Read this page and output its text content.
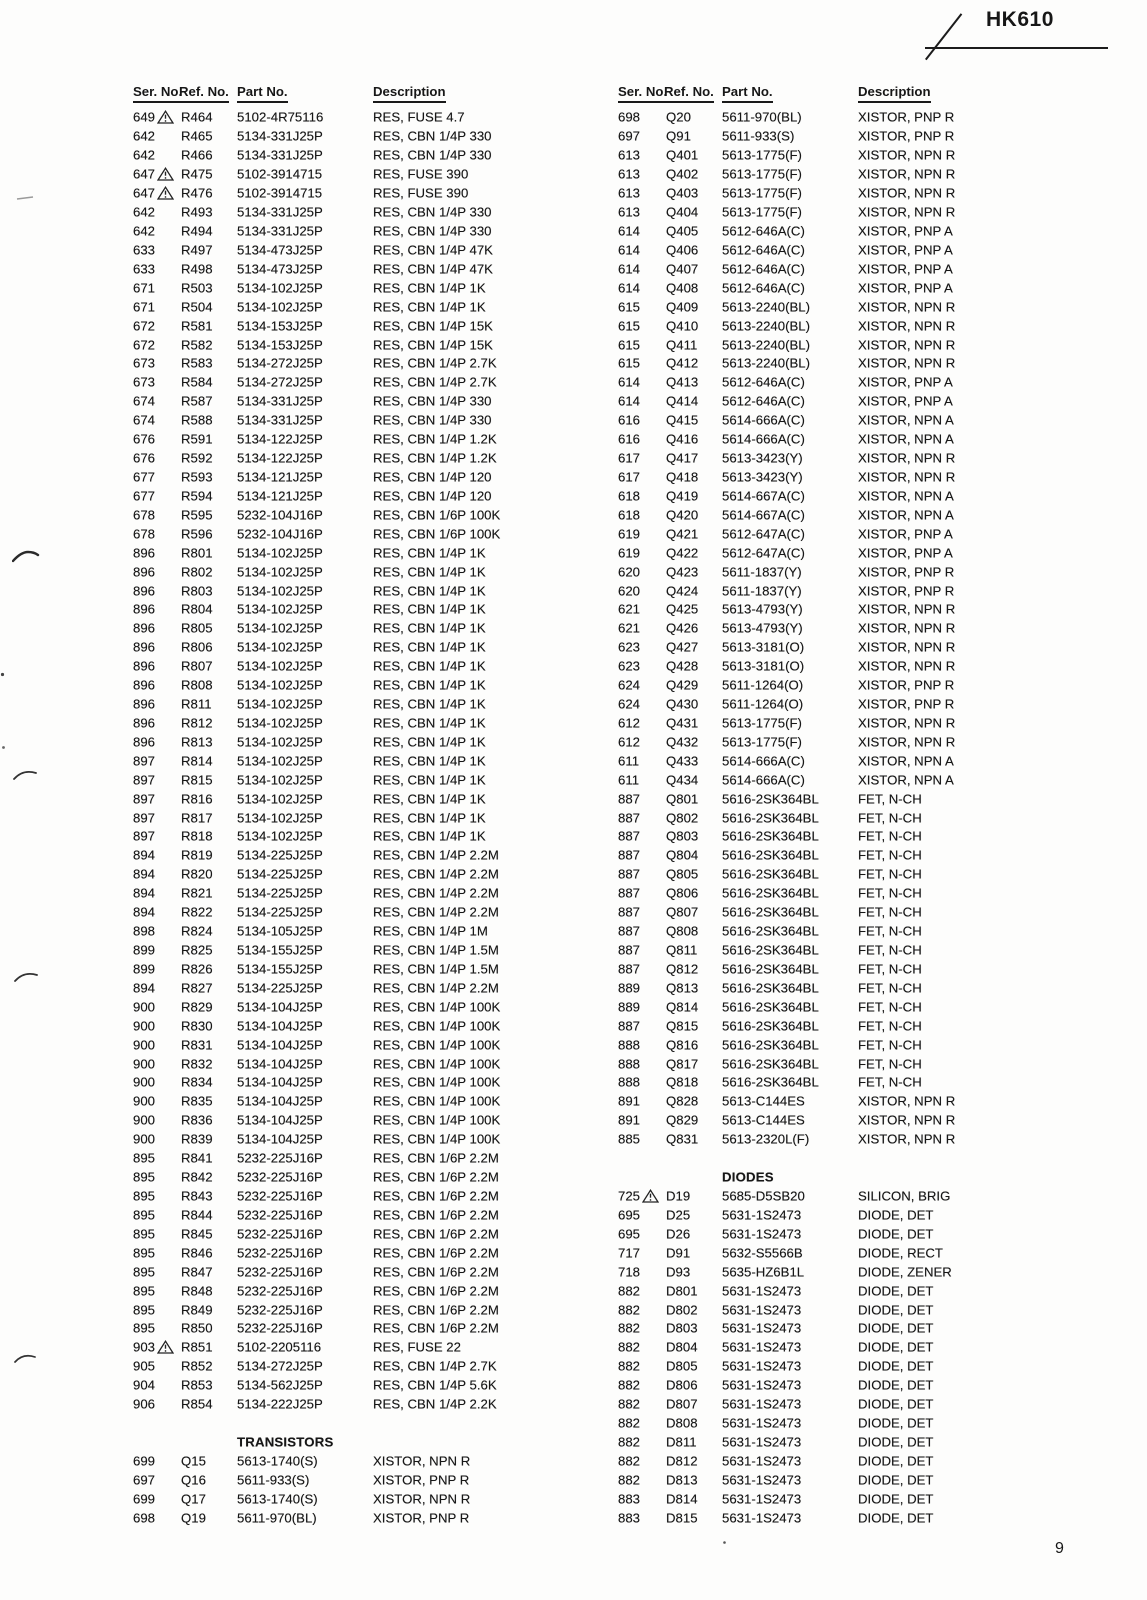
HK610
Ser. No.
Ref. No. Part No.	Description
649 R464 5102-4R75116	RES, FUSE 4.7
642 R465 5134-331J25P	RES, CBN 1/4P 330
642 R466 5134-331J25P	RES, CBN 1/4P 330
647 R475 5102-3914715	RES, FUSE 390
647 R476 5102-3914715	RES, FUSE 390
642 R493 5134-331J25P	RES, CBN 1/4P 330
642 R494 5134-331J25P	RES, CBN 1/4P 330
633 R497 5134-473J25P	RES, CBN 1/4P 47K
633 R498 5134-473J25P	RES, CBN 1/4P 47K
671 R503 5134-102J25P	RES, CBN 1/4P 1K
671 R504 5134-102J25P	RES, CBN 1/4P 1K
672 R581 5134-153J25P	RES, CBN 1/4P 15K
672 R582 5134-153J25P	RES, CBN 1/4P 15K
673 R583 5134-272J25P	RES, CBN 1/4P 2.7K
673 R584 5134-272J25P	RES, CBN 1/4P 2.7K
674 R587 5134-331J25P	RES, CBN 1/4P 330
674 R588 5134-331J25P	RES, CBN 1/4P 330
676 R591 5134-122J25P	RES, CBN 1/4P 1.2K
676 R592 5134-122J25P	RES, CBN 1/4P 1.2K
677 R593 5134-121J25P	RES, CBN 1/4P 120
677 R594 5134-121J25P	RES, CBN 1/4P 120
678 R595 5232-104J16P	RES, CBN 1/6P 100K
678 R596 5232-104J16P	RES, CBN 1/6P 100K
896 R801 5134-102J25P	RES, CBN 1/4P 1K
896 R802 5134-102J25P	RES, CBN 1/4P 1K
896 R803 5134-102J25P	RES, CBN 1/4P 1K
896 R804 5134-102J25P	RES, CBN 1/4P 1K
896 R805 5134-102J25P	RES, CBN 1/4P 1K
896 R806 5134-102J25P	RES, CBN 1/4P 1K
896 R807 5134-102J25P	RES, CBN 1/4P 1K
896 R808 5134-102J25P	RES, CBN 1/4P 1K
896 R811 5134-102J25P	RES, CBN 1/4P 1K
896 R812 5134-102J25P	RES, CBN 1/4P 1K
896 R813 5134-102J25P	RES, CBN 1/4P 1K
897 R814 5134-102J25P	RES, CBN 1/4P 1K
897 R815 5134-102J25P	RES, CBN 1/4P 1K
897 R816 5134-102J25P	RES, CBN 1/4P 1K
897 R817 5134-102J25P	RES, CBN 1/4P 1K
897 R818 5134-102J25P	RES, CBN 1/4P 1K
894 R819 5134-225J25P	RES, CBN 1/4P 2.2M
894 R820 5134-225J25P	RES, CBN 1/4P 2.2M
894 R821 5134-225J25P	RES, CBN 1/4P 2.2M
894 R822 5134-225J25P	RES, CBN 1/4P 2.2M
898 R824 5134-105J25P	RES, CBN 1/4P 1M
899 R825 5134-155J25P	RES, CBN 1/4P 1.5M
899 R826 5134-155J25P	RES, CBN 1/4P 1.5M
894 R827 5134-225J25P	RES, CBN 1/4P 2.2M
900 R829 5134-104J25P	RES, CBN 1/4P 100K
900 R830 5134-104J25P	RES, CBN 1/4P 100K
900 R831 5134-104J25P	RES, CBN 1/4P 100K
900 R832 5134-104J25P	RES, CBN 1/4P 100K
900 R834 5134-104J25P	RES, CBN 1/4P 100K
900 R835 5134-104J25P	RES, CBN 1/4P 100K
900 R836 5134-104J25P	RES, CBN 1/4P 100K
900 R839 5134-104J25P	RES, CBN 1/4P 100K
895 R841 5232-225J16P	RES, CBN 1/6P 2.2M
895 R842 5232-225J16P	RES, CBN 1/6P 2.2M
895 R843 5232-225J16P	RES, CBN 1/6P 2.2M
895 R844 5232-225J16P	RES, CBN 1/6P 2.2M
895 R845 5232-225J16P	RES, CBN 1/6P 2.2M
895 R846 5232-225J16P	RES, CBN 1/6P 2.2M
895 R847 5232-225J16P	RES, CBN 1/6P 2.2M
895 R848 5232-225J16P	RES, CBN 1/6P 2.2M
895 R849 5232-225J16P	RES, CBN 1/6P 2.2M
895 R850 5232-225J16P	RES, CBN 1/6P 2.2M
903 R851 5102-2205116	RES, FUSE 22
905 R852 5134-272J25P	RES, CBN 1/4P 2.7K
904 R853 5134-562J25P	RES, CBN 1/4P 5.6K
906 R854 5134-222J25P	RES, CBN 1/4P 2.2K
TRANSISTORS
699 Q15 5613-1740(S)	XISTOR, NPN R
697 Q16 5611-933(S)	XISTOR, PNP R
699 Q17 5613-1740(S)	XISTOR, NPN R
698 Q19 5611-970(BL)	XISTOR, PNP R
Ser. No.
Ref. No. Part No.	Description
698 Q20 5611-970(BL)	XISTOR, PNP R
697 Q91 5611-933(S)	XISTOR, PNP R
613 Q401 5613-1775(F)	XISTOR, NPN R
613 Q402 5613-1775(F)	XISTOR, NPN R
613 Q403 5613-1775(F)	XISTOR, NPN R
613 Q404 5613-1775(F)	XISTOR, NPN R
614 Q405 5612-646A(C)	XISTOR, PNP A
614 Q406 5612-646A(C)	XISTOR, PNP A
614 Q407 5612-646A(C)	XISTOR, PNP A
614 Q408 5612-646A(C)	XISTOR, PNP A
615 Q409 5613-2240(BL)	XISTOR, NPN R
615 Q410 5613-2240(BL)	XISTOR, NPN R
615 Q411 5613-2240(BL)	XISTOR, NPN R
615 Q412 5613-2240(BL)	XISTOR, NPN R
614 Q413 5612-646A(C)	XISTOR, PNP A
614 Q414 5612-646A(C)	XISTOR, PNP A
616 Q415 5614-666A(C)	XISTOR, NPN A
616 Q416 5614-666A(C)	XISTOR, NPN A
617 Q417 5613-3423(Y)	XISTOR, NPN R
617 Q418 5613-3423(Y)	XISTOR, NPN R
618 Q419 5614-667A(C)	XISTOR, NPN A
618 Q420 5614-667A(C)	XISTOR, NPN A
619 Q421 5612-647A(C)	XISTOR, PNP A
619 Q422 5612-647A(C)	XISTOR, PNP A
620 Q423 5611-1837(Y)	XISTOR, PNP R
620 Q424 5611-1837(Y)	XISTOR, PNP R
621 Q425 5613-4793(Y)	XISTOR, NPN R
621 Q426 5613-4793(Y)	XISTOR, NPN R
623 Q427 5613-3181(O)	XISTOR, NPN R
623 Q428 5613-3181(O)	XISTOR, NPN R
624 Q429 5611-1264(O)	XISTOR, PNP R
624 Q430 5611-1264(O)	XISTOR, PNP R
612 Q431 5613-1775(F)	XISTOR, NPN R
612 Q432 5613-1775(F)	XISTOR, NPN R
611 Q433 5614-666A(C)	XISTOR, NPN A
611 Q434 5614-666A(C)	XISTOR, NPN A
887 Q801 5616-2SK364BL	FET, N-CH
887 Q802 5616-2SK364BL	FET, N-CH
887 Q803 5616-2SK364BL	FET, N-CH
887 Q804 5616-2SK364BL	FET, N-CH
887 Q805 5616-2SK364BL	FET, N-CH
887 Q806 5616-2SK364BL	FET, N-CH
887 Q807 5616-2SK364BL	FET, N-CH
887 Q808 5616-2SK364BL	FET, N-CH
887 Q811 5616-2SK364BL	FET, N-CH
887 Q812 5616-2SK364BL	FET, N-CH
889 Q813 5616-2SK364BL	FET, N-CH
889 Q814 5616-2SK364BL	FET, N-CH
887 Q815 5616-2SK364BL	FET, N-CH
888 Q816 5616-2SK364BL	FET, N-CH
888 Q817 5616-2SK364BL	FET, N-CH
888 Q818 5616-2SK364BL	FET, N-CH
891 Q828 5613-C144ES	XISTOR, NPN R
891 Q829 5613-C144ES	XISTOR, NPN R
885 Q831 5613-2320L(F)	XISTOR, NPN R
DIODES
725 D19 5685-D5SB20	SILICON, BRIG
695 D25 5631-1S2473	DIODE, DET
695 D26 5631-1S2473	DIODE, DET
717 D91 5632-S5566B	DIODE, RECT
718 D93 5635-HZ6B1L	DIODE, ZENER
882 D801 5631-1S2473	DIODE, DET
882 D802 5631-1S2473	DIODE, DET
882 D803 5631-1S2473	DIODE, DET
882 D804 5631-1S2473	DIODE, DET
882 D805 5631-1S2473	DIODE, DET
882 D806 5631-1S2473	DIODE, DET
882 D807 5631-1S2473	DIODE, DET
882 D808 5631-1S2473	DIODE, DET
882 D811 5631-1S2473	DIODE, DET
882 D812 5631-1S2473	DIODE, DET
882 D813 5631-1S2473	DIODE, DET
883 D814 5631-1S2473	DIODE, DET
883 D815 5631-1S2473	DIODE, DET
9
